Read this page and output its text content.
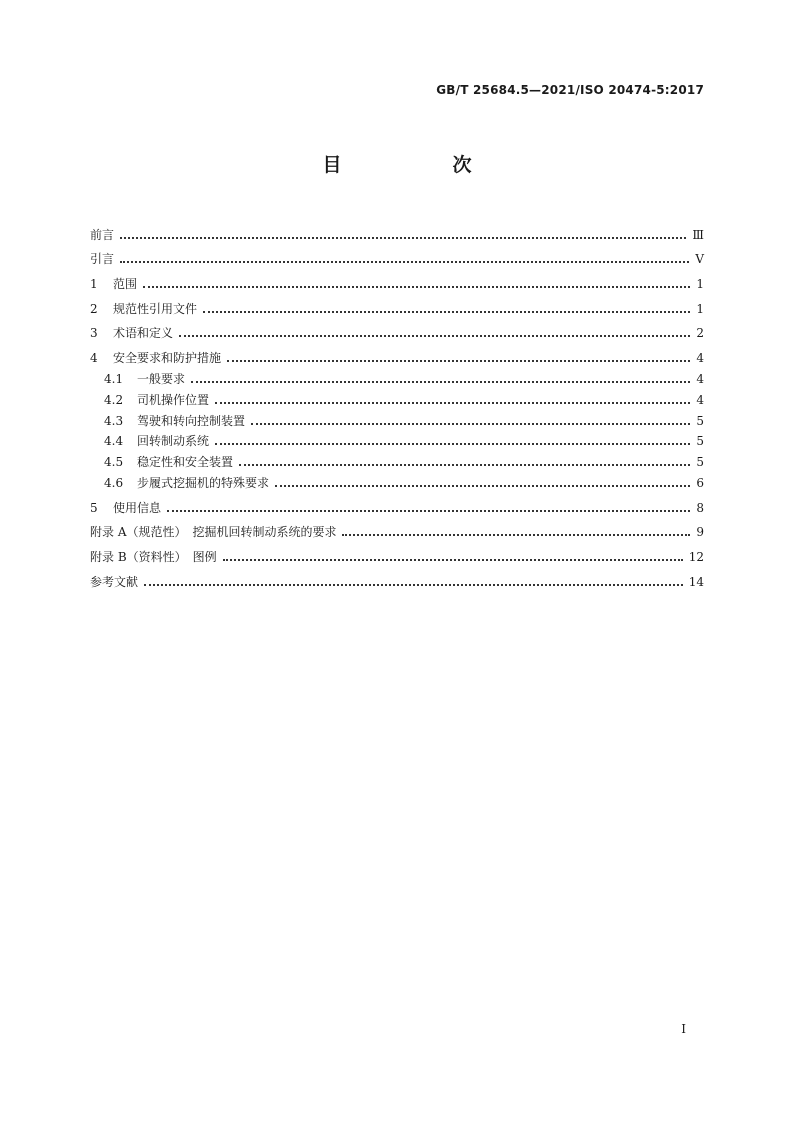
GB/T 25684.5—2021/ISO 20474-5:2017
目　次
前言	Ⅲ
引言	Ⅴ
1 范围	1
2 规范性引用文件	1
3 术语和定义	2
4 安全要求和防护措施	4
4.1 一般要求	4
4.2 司机操作位置	4
4.3 驾驶和转向控制装置	5
4.4 回转制动系统	5
4.5 稳定性和安全装置	5
4.6 步履式挖掘机的特殊要求	6
5 使用信息	8
附录 A（规范性）　挖掘机回转制动系统的要求	9
附录 B（资料性）　图例	12
参考文献	14
Ⅰ
